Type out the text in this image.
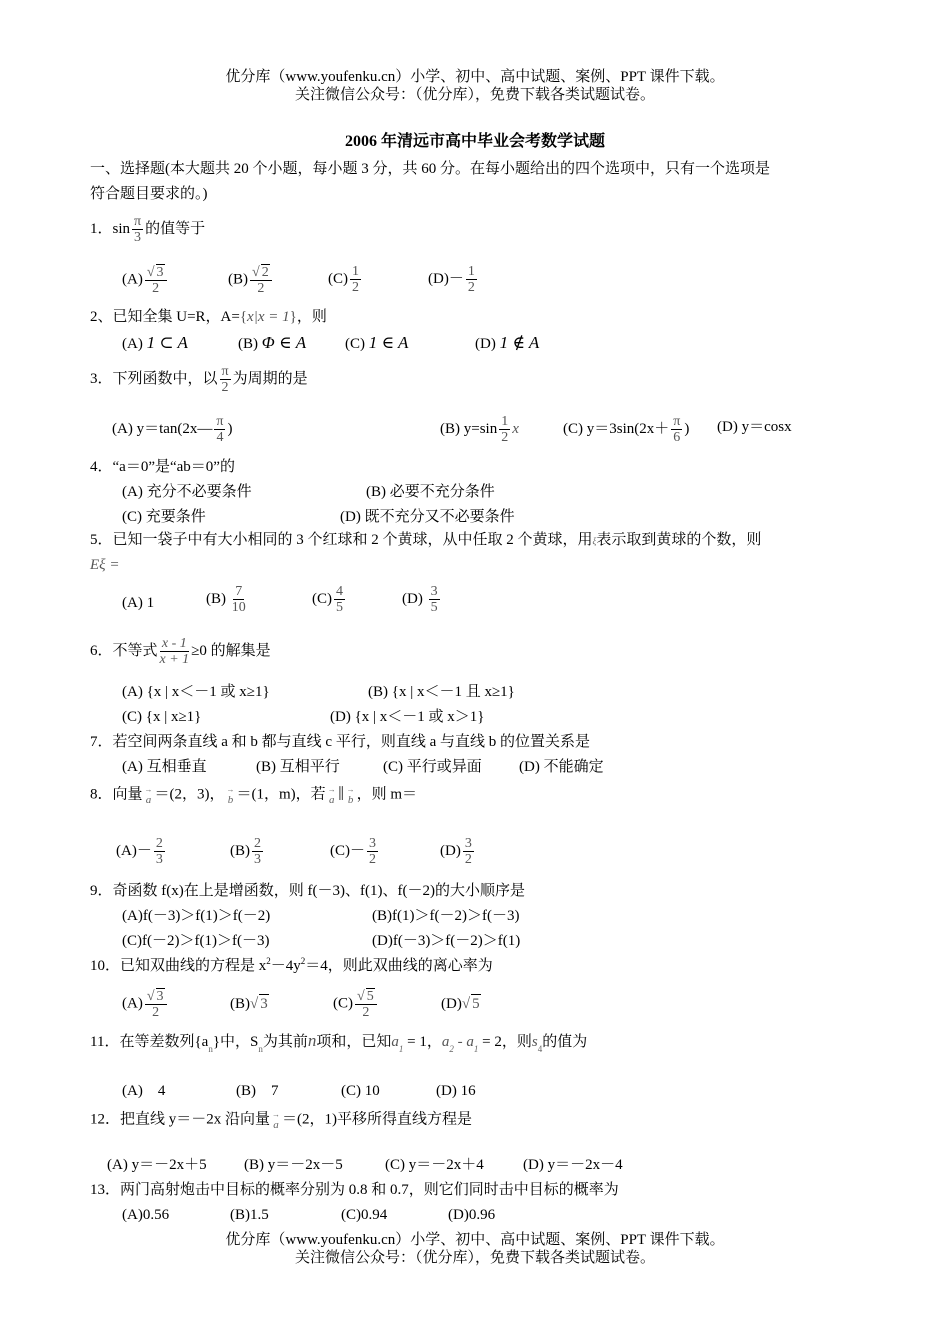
优分库（www.youfenku.cn）小学、初中、高中试题、案例、PPT 课件下载。
关注微信公众号：（优分库），免费下载各类试题试卷。
2006 年清远市高中毕业会考数学试题
一、选择题(本大题共 20 个小题，每小题 3 分，共 60 分。在每小题给出的四个选项中，只有一个选项是
符合题目要求的。)
1．$\sin \frac{\pi}{3}$ 的值等于
$(A) \frac{√ 3}{2}$	$(B) \frac{√ 2}{2}$	$(C) \frac{1}{2}$	$(D)- \frac{1}{2}$
2、已知全集 U=R，A={x|x = 1}，则
(A) 1 ⊂ A	(B) Φ ∈ A	(C) 1 ∈ A	(D) 1 ∉ A
3．下列函数中，以 $\frac{\pi}{2}$ 为周期的是
(A) y＝tan(2x— $\frac{\pi}{4}$ )	(B) $y=\sin \frac{1}{2}$ x	(C) $y=3\sin(2x+ \frac{\pi}{6}$ ) (D) y＝cosx
4．“a＝0”是“ab＝0”的
(A) 充分不必要条件	(B) 必要不充分条件
(C) 充要条件	(D) 既不充分又不必要条件
5．已知一袋子中有大小相同的 3 个红球和 2 个黄球，从中任取 2 个黄球，用ξ表示取到黄球的个数，则
Eξ =
(A) 1	$(B) \frac{7}{10}$	$(C) \frac{4}{5}$	$(D) \frac{3}{5}$
6．不等式 $\frac{x - 1}{x + 1} \ge 0$ 的解集是
(A) {x | x＜－1 或 x≥1}	(B) {x | x＜－1 且 x≥1}
(C) {x | x≥1}	(D) {x | x＜－1 或 x＞1}
7．若空间两条直线 a 和 b 都与直线 c 平行，则直线 a 与直线 b 的位置关系是
(A) 互相垂直	(B) 互相平行	(C) 平行或异面 (D) 不能确定
8．向量 →
a ＝(2，3)， →
b ＝(1，m)，若 →
a ∥ →
b ，则 m＝
$(A)- \frac{2}{3}$	$(B) \frac{2}{3}$	$(C)- \frac{3}{2}$	$(D) \frac{3}{2}$
9．奇函数 f(x)在上是增函数，则 f(－3)、f(1)、f(－2)的大小顺序是
(A)f(－3)＞f(1)＞f(－2)	(B)f(1)＞f(－2)＞f(－3)
(C)f(－2)＞f(1)＞f(－3)	(D)f(－3)＞f(－2)＞f(1)
10．已知双曲线的方程是 $x^2-4y^2=4$，则此双曲线的离心率为
$(A) \frac{√ 3}{2}$	(B)√ 3	$(C) \frac{√ 5}{2}$	(D)√ 5
11．在等差数列$\{a_n\}$中，$S_n$为其前n项和，已知$a_1 = 1$，$a_2 - a_1 = 2$，则$s_4$的值为
(A)　4	(B)　7	(C) 10	(D) 16
12．把直线 y＝－2x 沿向量 →
a ＝(2，1)平移所得直线方程是
(A) y＝－2x＋5 (B) y＝－2x－5	(C) y＝－2x＋4	(D) y＝－2x－4
13．两门高射炮击中目标的概率分别为 0.8 和 0.7，则它们同时击中目标的概率为
(A)0.56	(B)1.5	(C)0.94	(D)0.96
优分库（www.youfenku.cn）小学、初中、高中试题、案例、PPT 课件下载。
关注微信公众号：（优分库），免费下载各类试题试卷。
